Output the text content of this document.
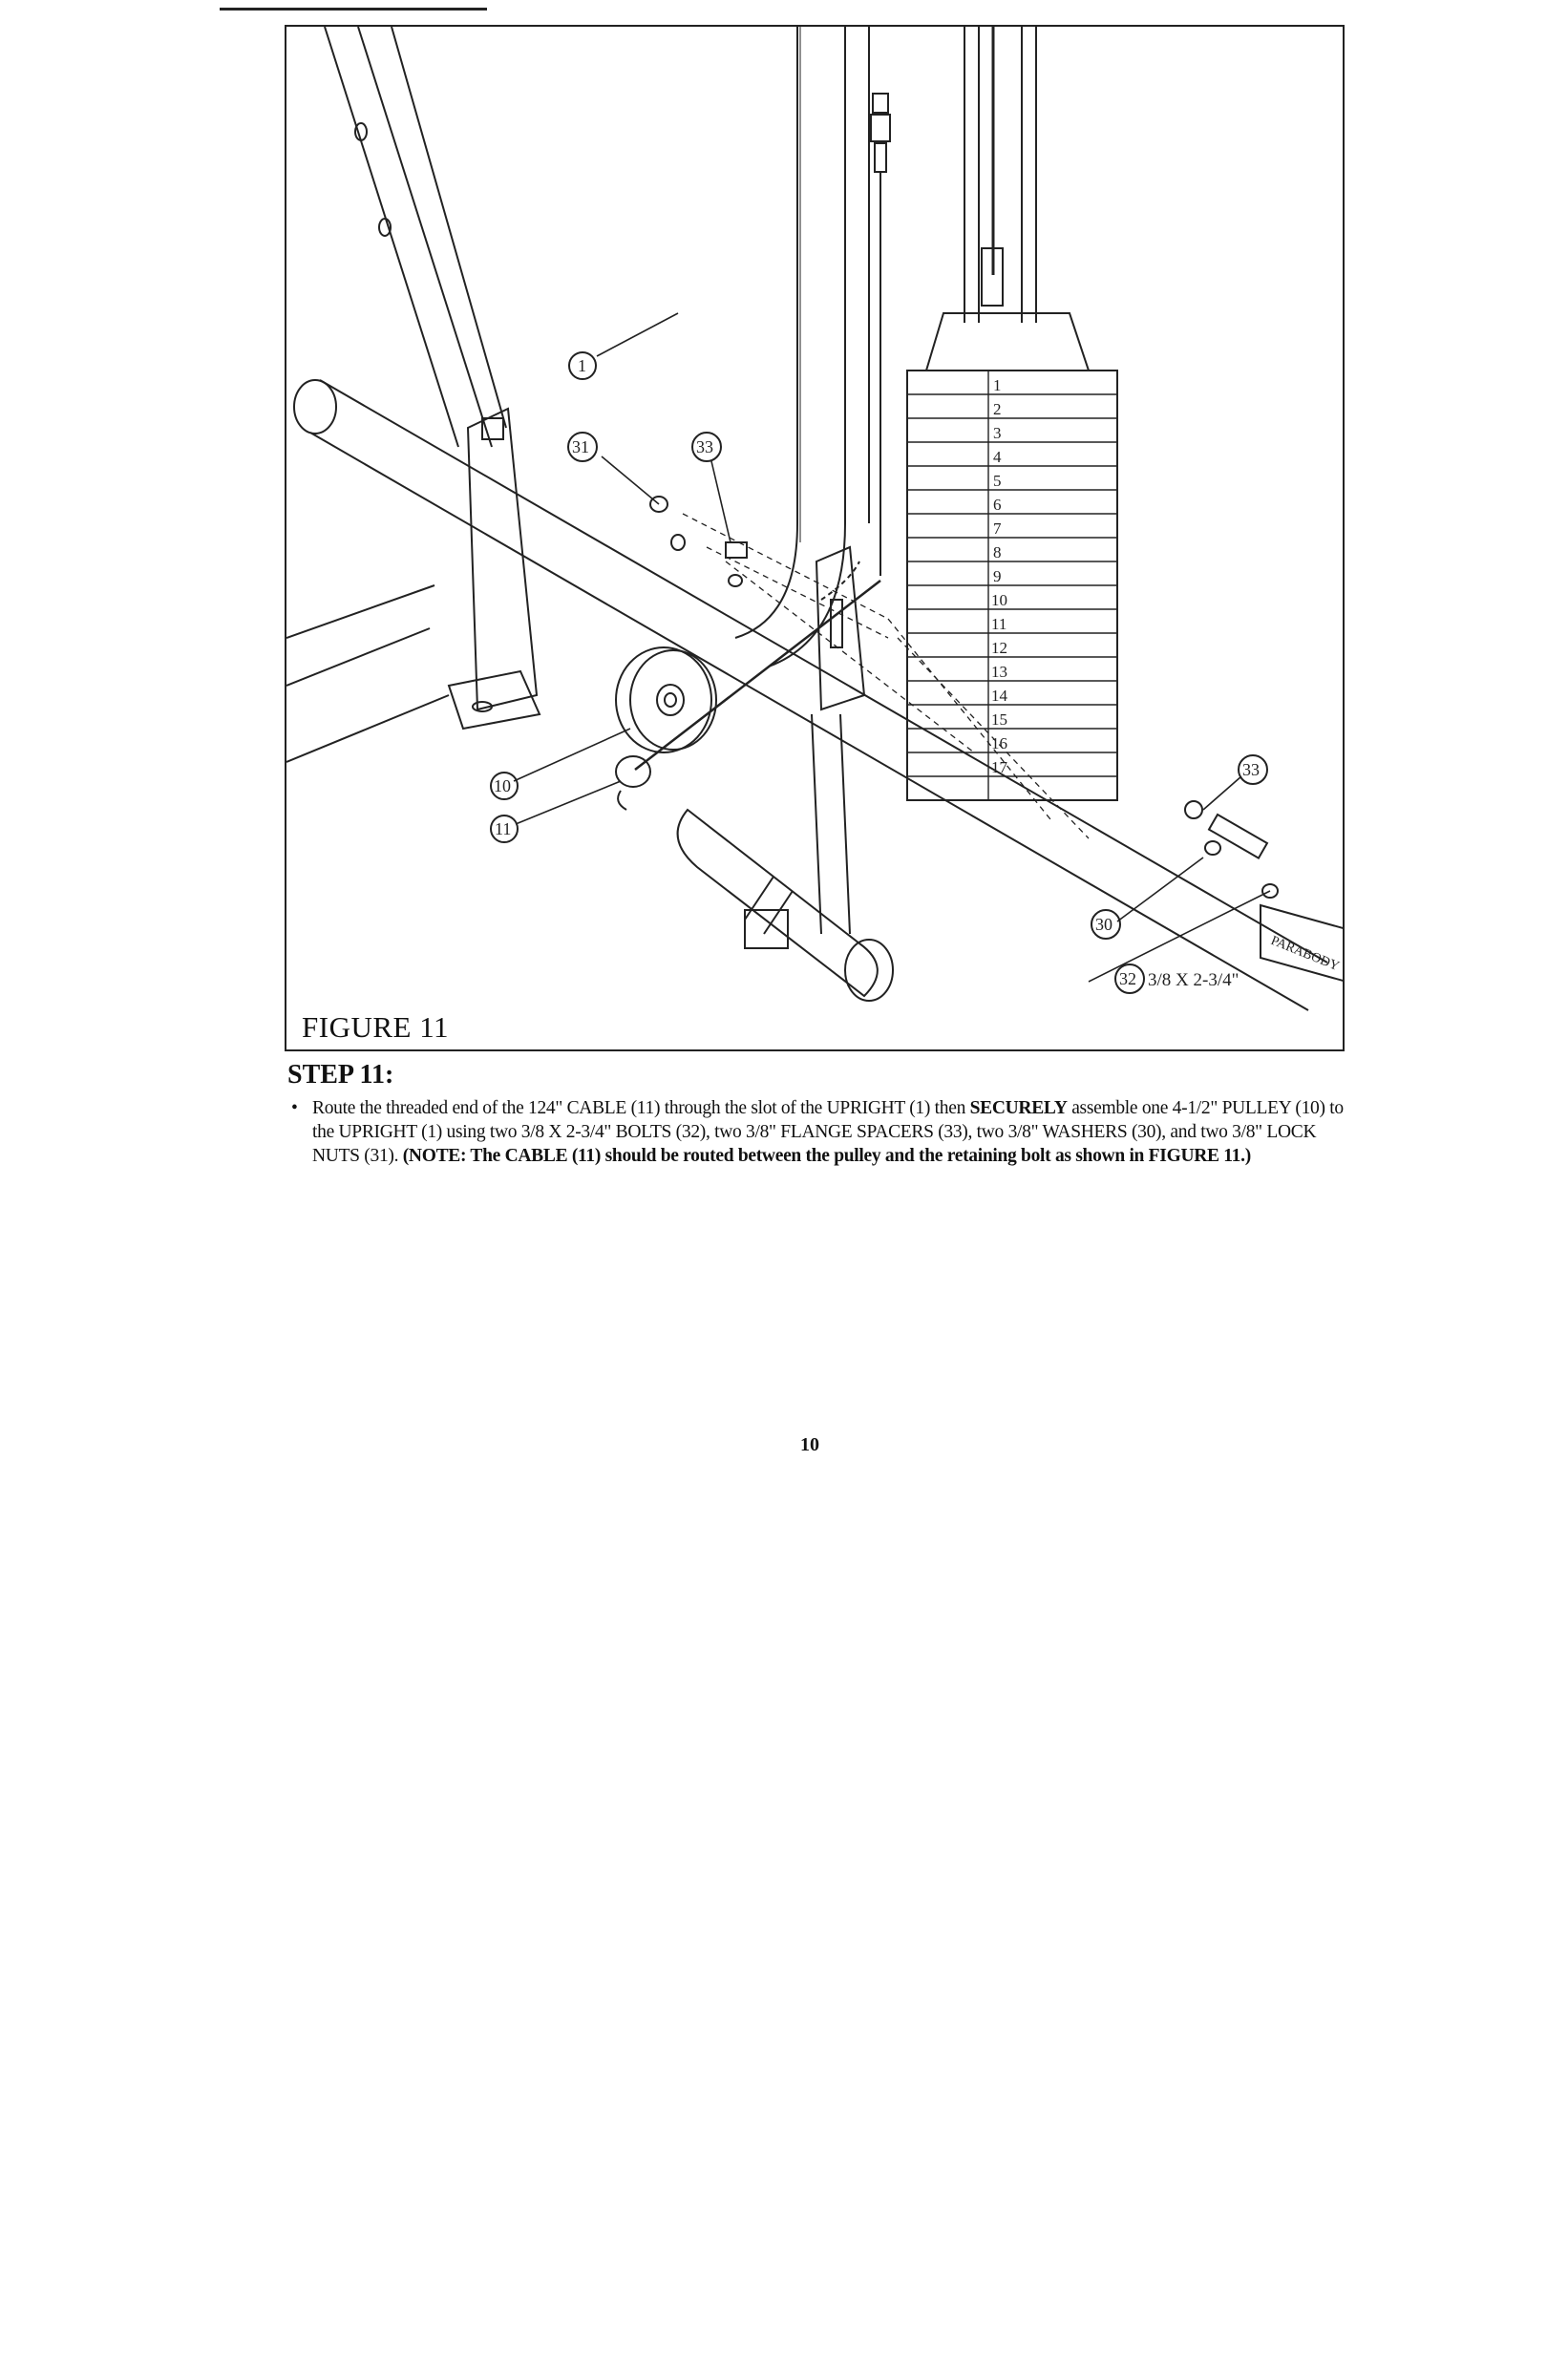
1
2
3
4
5
6
7
8
9
10
11
12
13
14
15
16
17
PARABODY
1
31	33
10
11
33
30
32 3/8 X 2-3/4"
FIGURE 11
STEP 11:
• Route the threaded end of the 124" CABLE (11) through the slot of the UPRIGHT (1) then SECURELY assemble one 4-1/2" PULLEY (10) to the UPRIGHT (1) using two 3/8 X 2-3/4" BOLTS (32), two 3/8" FLANGE SPACERS (33), two 3/8" WASHERS (30), and two 3/8" LOCK NUTS (31). (NOTE: The CABLE (11) should be routed between the pulley and the retaining bolt as shown in FIGURE 11.)

10
